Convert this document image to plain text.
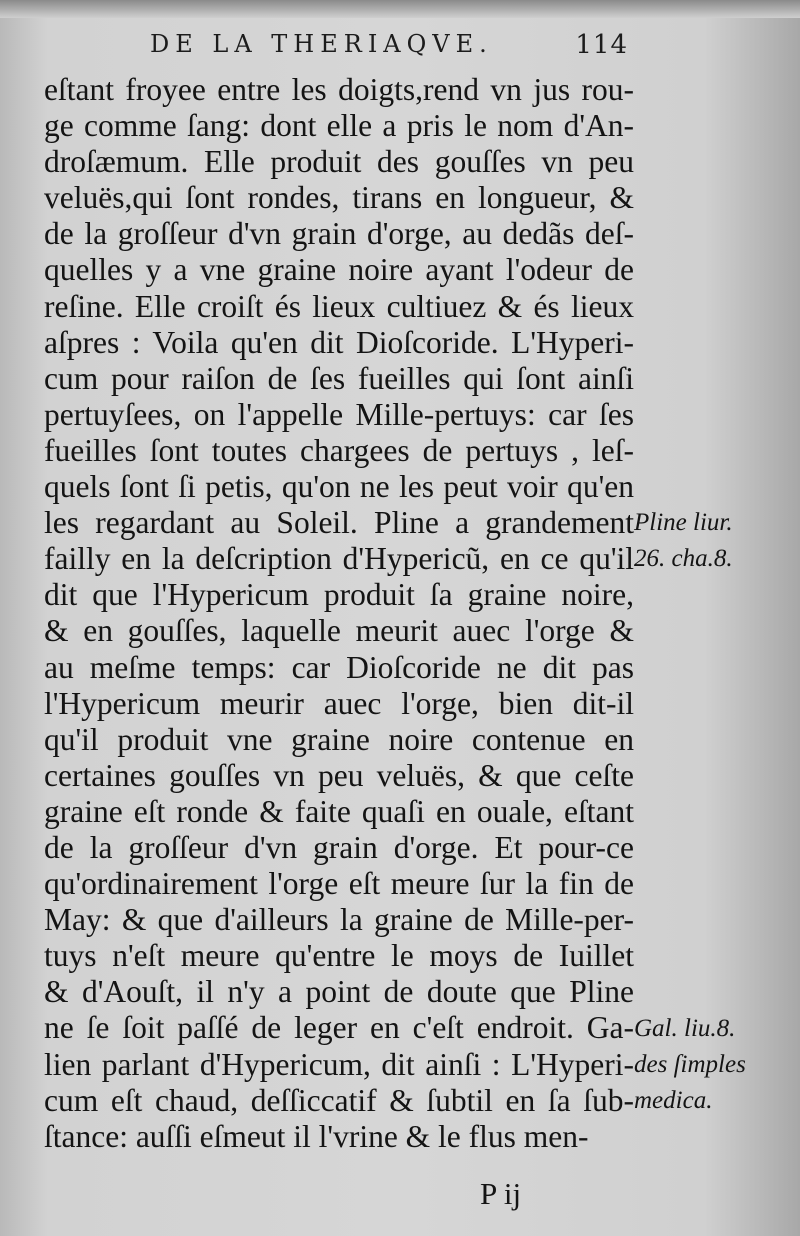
DE LA THERIAQVE.	114
eſtant froyee entre les doigts,rend vn jus rou-
ge comme ſang: dont elle a pris le nom d'An-
droſæmum. Elle produit des gouſſes vn peu
veluës,qui ſont rondes, tirans en longueur, &
de la groſſeur d'vn grain d'orge, au dedãs deſ-
quelles y a vne graine noire ayant l'odeur de
reſine. Elle croiſt és lieux cultiuez & és lieux
aſpres : Voila qu'en dit Dioſcoride. L'Hyperi-
cum pour raiſon de ſes fueilles qui ſont ainſi
pertuyſees, on l'appelle Mille-pertuys: car ſes
fueilles ſont toutes chargees de pertuys , leſ-
quels ſont ſi petis, qu'on ne les peut voir qu'en
les regardant au Soleil. Pline a grandement
failly en la deſcription d'Hypericũ, en ce qu'il
dit que l'Hypericum produit ſa graine noire,
& en gouſſes, laquelle meurit auec l'orge &
au meſme temps: car Dioſcoride ne dit pas
l'Hypericum meurir auec l'orge, bien dit-il
qu'il produit vne graine noire contenue en
certaines gouſſes vn peu veluës, & que ceſte
graine eſt ronde & faite quaſi en ouale, eſtant
de la groſſeur d'vn grain d'orge. Et pour-ce
qu'ordinairement l'orge eſt meure ſur la fin de
May: & que d'ailleurs la graine de Mille-per-
tuys n'eſt meure qu'entre le moys de Iuillet
& d'Aouſt, il n'y a point de doute que Pline
ne ſe ſoit paſſé de leger en c'eſt endroit. Ga-
lien parlant d'Hypericum, dit ainſi : L'Hyperi-
cum eſt chaud, deſſiccatif & ſubtil en ſa ſub-
ſtance: auſſi eſmeut il l'vrine & le flus men-
Pline liur.
26. cha.8.
Gal. liu.8.
des ſimples
medica.
P ij
